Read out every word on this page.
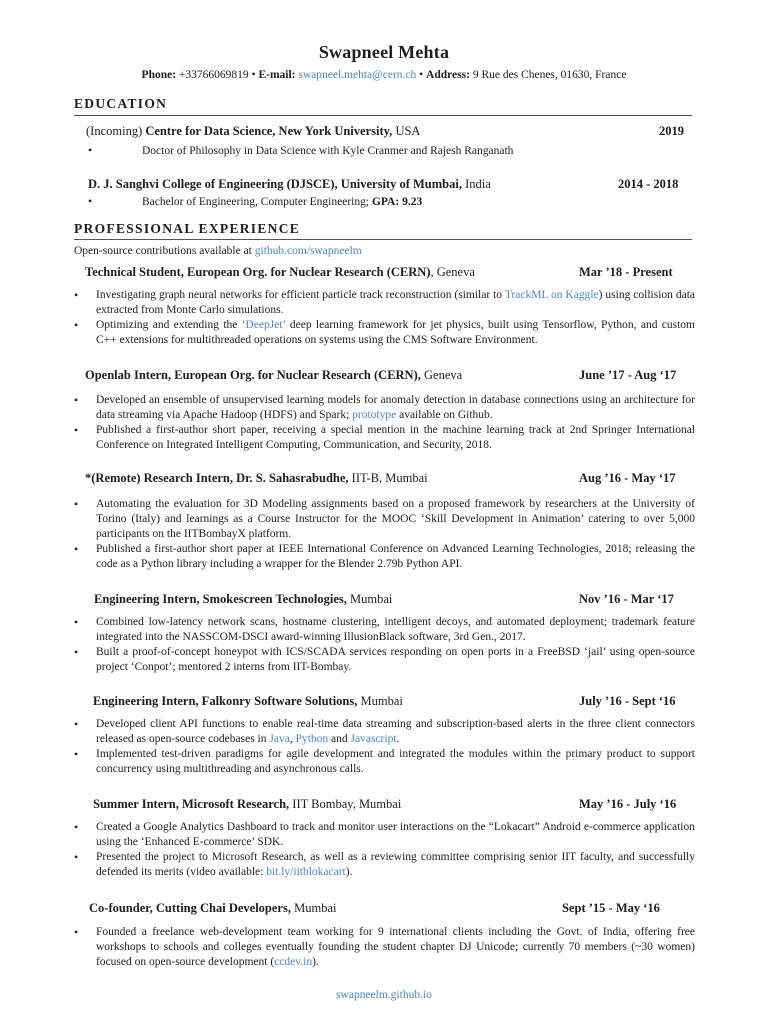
Swapneel Mehta
Phone: +33766069819 • E-mail: swapneel.mehta@cern.ch • Address: 9 Rue des Chenes, 01630, France
EDUCATION
(Incoming) Centre for Data Science, New York University, USA	2019
•	Doctor of Philosophy in Data Science with Kyle Cranmer and Rajesh Ranganath
D. J. Sanghvi College of Engineering (DJSCE), University of Mumbai, India	2014 - 2018
•	Bachelor of Engineering, Computer Engineering; GPA: 9.23
PROFESSIONAL EXPERIENCE
Open-source contributions available at github.com/swapneelm
Technical Student, European Org. for Nuclear Research (CERN), Geneva	Mar ’18 - Present
• Investigating graph neural networks for efficient particle track reconstruction (similar to TrackML on Kaggle) using collision data extracted from Monte Carlo simulations.
• Optimizing and extending the ‘DeepJet’ deep learning framework for jet physics, built using Tensorflow, Python, and custom C++ extensions for multithreaded operations on systems using the CMS Software Environment.
Openlab Intern, European Org. for Nuclear Research (CERN), Geneva	June ’17 - Aug ‘17
• Developed an ensemble of unsupervised learning models for anomaly detection in database connections using an architecture for data streaming via Apache Hadoop (HDFS) and Spark; prototype available on Github.
• Published a first-author short paper, receiving a special mention in the machine learning track at 2nd Springer International Conference on Integrated Intelligent Computing, Communication, and Security, 2018.
*(Remote) Research Intern, Dr. S. Sahasrabudhe, IIT-B, Mumbai	Aug ’16 - May ‘17
• Automating the evaluation for 3D Modeling assignments based on a proposed framework by researchers at the University of Torino (Italy) and learnings as a Course Instructor for the MOOC ‘Skill Development in Animation’ catering to over 5,000 participants on the IITBombayX platform.
• Published a first-author short paper at IEEE International Conference on Advanced Learning Technologies, 2018; releasing the code as a Python library including a wrapper for the Blender 2.79b Python API.
Engineering Intern, Smokescreen Technologies, Mumbai	Nov ’16 - Mar ‘17
• Combined low-latency network scans, hostname clustering, intelligent decoys, and automated deployment; trademark feature integrated into the NASSCOM-DSCI award-winning IllusionBlack software, 3rd Gen., 2017.
• Built a proof-of-concept honeypot with ICS/SCADA services responding on open ports in a FreeBSD ‘jail’ using open-source project ‘Conpot’; mentored 2 interns from IIT-Bombay.
Engineering Intern, Falkonry Software Solutions, Mumbai	July ’16 - Sept ‘16
• Developed client API functions to enable real-time data streaming and subscription-based alerts in the three client connectors released as open-source codebases in Java, Python and Javascript.
• Implemented test-driven paradigms for agile development and integrated the modules within the primary product to support concurrency using multithreading and asynchronous calls.
Summer Intern, Microsoft Research, IIT Bombay, Mumbai	May ’16 - July ‘16
• Created a Google Analytics Dashboard to track and monitor user interactions on the “Lokacart” Android e-commerce application using the ‘Enhanced E-commerce’ SDK.
• Presented the project to Microsoft Research, as well as a reviewing committee comprising senior IIT faculty, and successfully defended its merits (video available: bit.ly/iitblokacart).
Co-founder, Cutting Chai Developers, Mumbai	Sept ’15 - May ‘16
• Founded a freelance web-development team working for 9 international clients including the Govt. of India, offering free workshops to schools and colleges eventually founding the student chapter DJ Unicode; currently 70 members (~30 women) focused on open-source development (ccdev.in).
swapneelm.github.io
